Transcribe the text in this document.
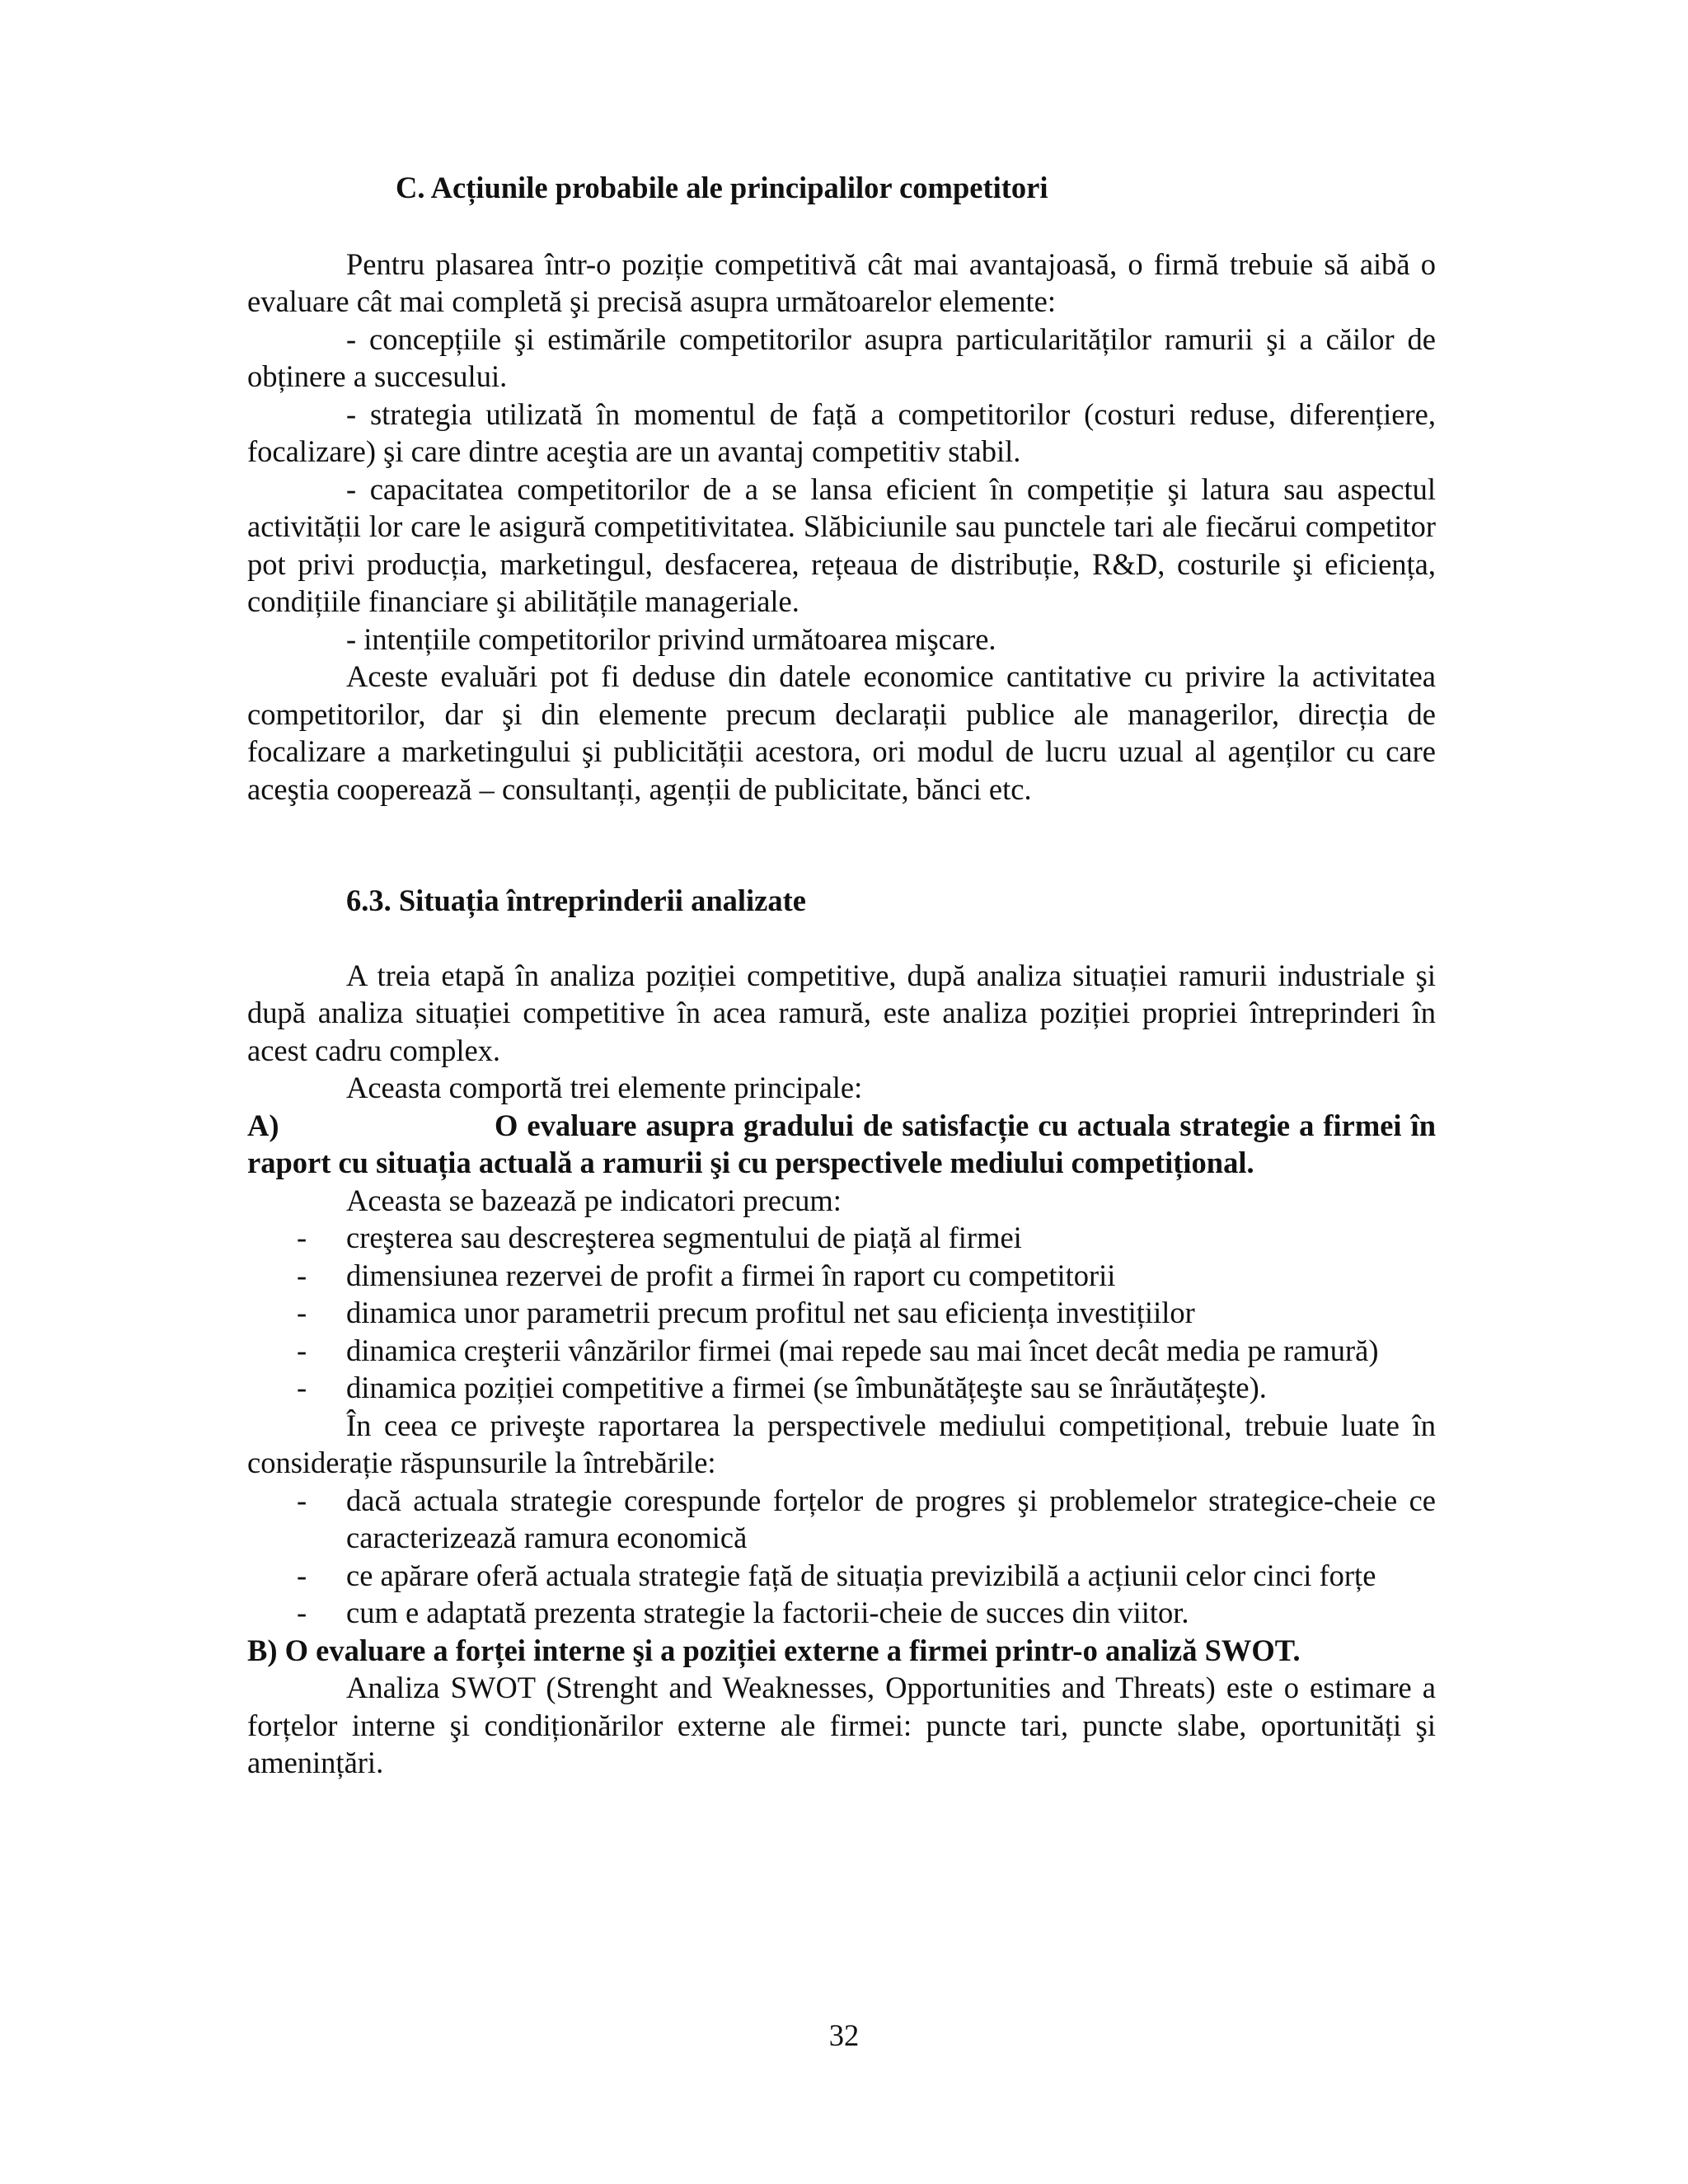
C. Acțiunile probabile ale principalilor competitori

Pentru plasarea într-o poziție competitivă cât mai avantajoasă, o firmă trebuie să aibă o evaluare cât mai completă şi precisă asupra următoarelor elemente:

- concepțiile şi estimările competitorilor asupra particularităților ramurii şi a căilor de obținere a succesului.

- strategia utilizată în momentul de față a competitorilor (costuri reduse, diferențiere, focalizare) şi care dintre aceştia are un avantaj competitiv stabil.

- capacitatea competitorilor de a se lansa eficient în competiție şi latura sau aspectul activității lor care le asigură competitivitatea. Slăbiciunile sau punctele tari ale fiecărui competitor pot privi producția, marketingul, desfacerea, rețeaua de distribuție, R&D, costurile şi eficiența, condițiile financiare şi abilitățile manageriale.

- intențiile competitorilor privind următoarea mişcare.

Aceste evaluări pot fi deduse din datele economice cantitative cu privire la activitatea competitorilor, dar şi din elemente precum declarații publice ale managerilor, direcția de focalizare a marketingului şi publicității acestora, ori modul de lucru uzual al agenților cu care aceştia cooperează – consultanți, agenții de publicitate, bănci etc.

6.3. Situația întreprinderii analizate

A treia etapă în analiza poziției competitive, după analiza situației ramurii industriale şi după analiza situației competitive în acea ramură, este analiza poziției propriei întreprinderi în acest cadru complex.

Aceasta comportă trei elemente principale:

A)	O evaluare asupra gradului de satisfacție cu actuala strategie a firmei în raport cu situația actuală a ramurii şi cu perspectivele mediului competițional.

Aceasta se bazează pe indicatori precum:

- creşterea sau descreşterea segmentului de piață al firmei
- dimensiunea rezervei de profit a firmei în raport cu competitorii
- dinamica unor parametrii precum profitul net sau eficiența investițiilor
- dinamica creşterii vânzărilor firmei (mai repede sau mai încet decât media pe ramură)
- dinamica poziției competitive a firmei (se îmbunătățeşte sau se înrăutățeşte).

În ceea ce priveşte raportarea la perspectivele mediului competițional, trebuie luate în considerație răspunsurile la întrebările:

- dacă actuala strategie corespunde forțelor de progres şi problemelor strategice-cheie ce caracterizează ramura economică
- ce apărare oferă actuala strategie față de situația previzibilă a acțiunii celor cinci forțe
- cum e adaptată prezenta strategie la factorii-cheie de succes din viitor.

B) O evaluare a forței interne şi a poziției externe a firmei printr-o analiză SWOT.

Analiza SWOT (Strenght and Weaknesses, Opportunities and Threats) este o estimare a forțelor interne şi condiționărilor externe ale firmei: puncte tari, puncte slabe, oportunități şi amenințări.

32
